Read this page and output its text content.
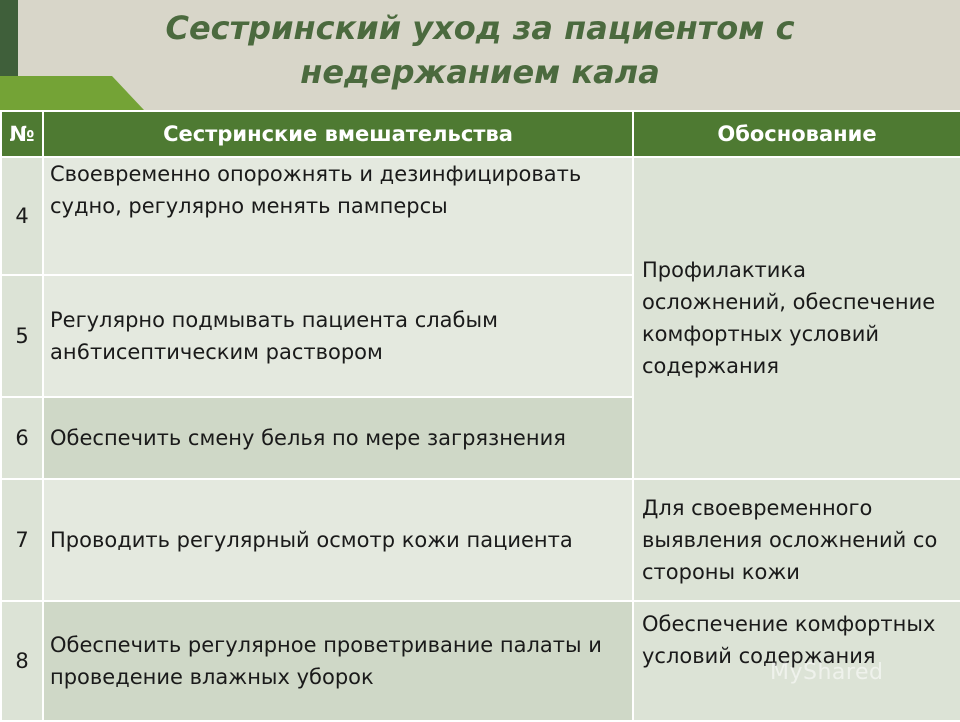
Сестринский уход за пациентом с
недержанием кала
№	Сестринские вмешательства	Обоснование
4	Своевременно опорожнять и дезинфицировать судно, регулярно менять памперсы	Профилактика осложнений, обеспечение комфортных условий содержания
5	Регулярно подмывать пациента слабым ан6тисептическим раствором	
6	Обеспечить смену белья по мере загрязнения	
7	Проводить регулярный осмотр кожи пациента	Для своевременного выявления осложнений со стороны кожи
8	Обеспечить регулярное проветривание палаты и проведение влажных уборок	Обеспечение комфортных условий содержания
MyShared
